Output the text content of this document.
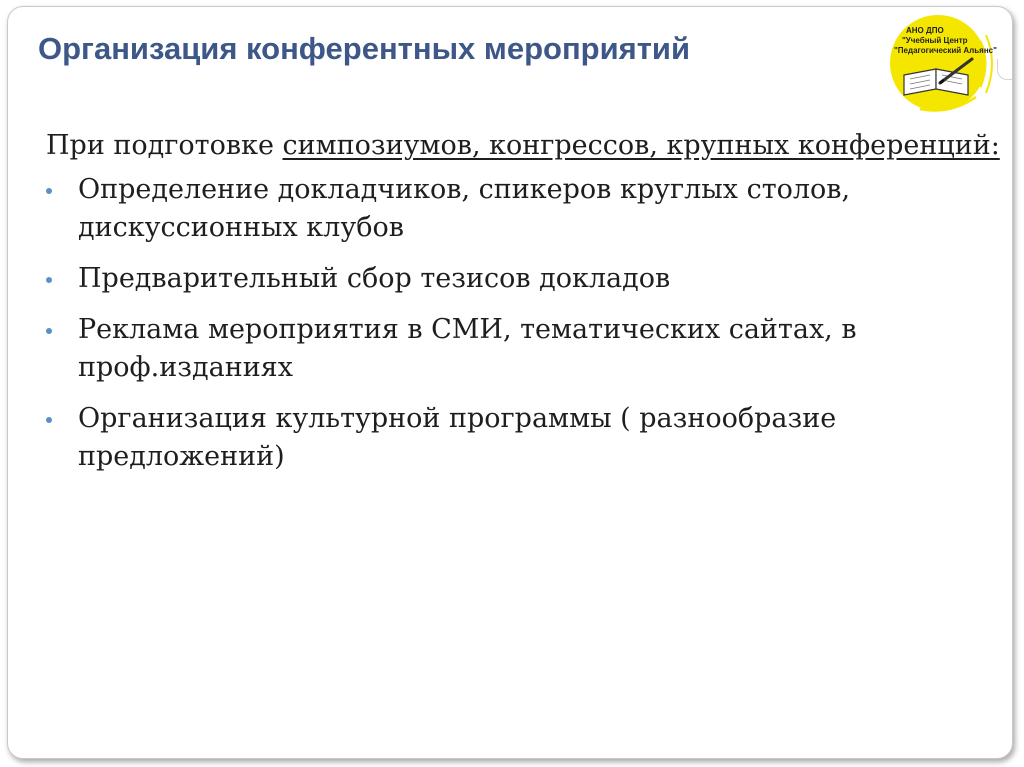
Организация конферентных мероприятий
АНО ДПО
"Учебный Центр
"Педагогический Альянс"

При подготовке симпозиумов, конгрессов, крупных конференций:

Определение докладчиков, спикеров круглых столов, дискуссионных клубов
Предварительный сбор тезисов докладов
Реклама мероприятия в СМИ, тематических сайтах, в проф.изданиях
Организация культурной программы ( разнообразие предложений)
